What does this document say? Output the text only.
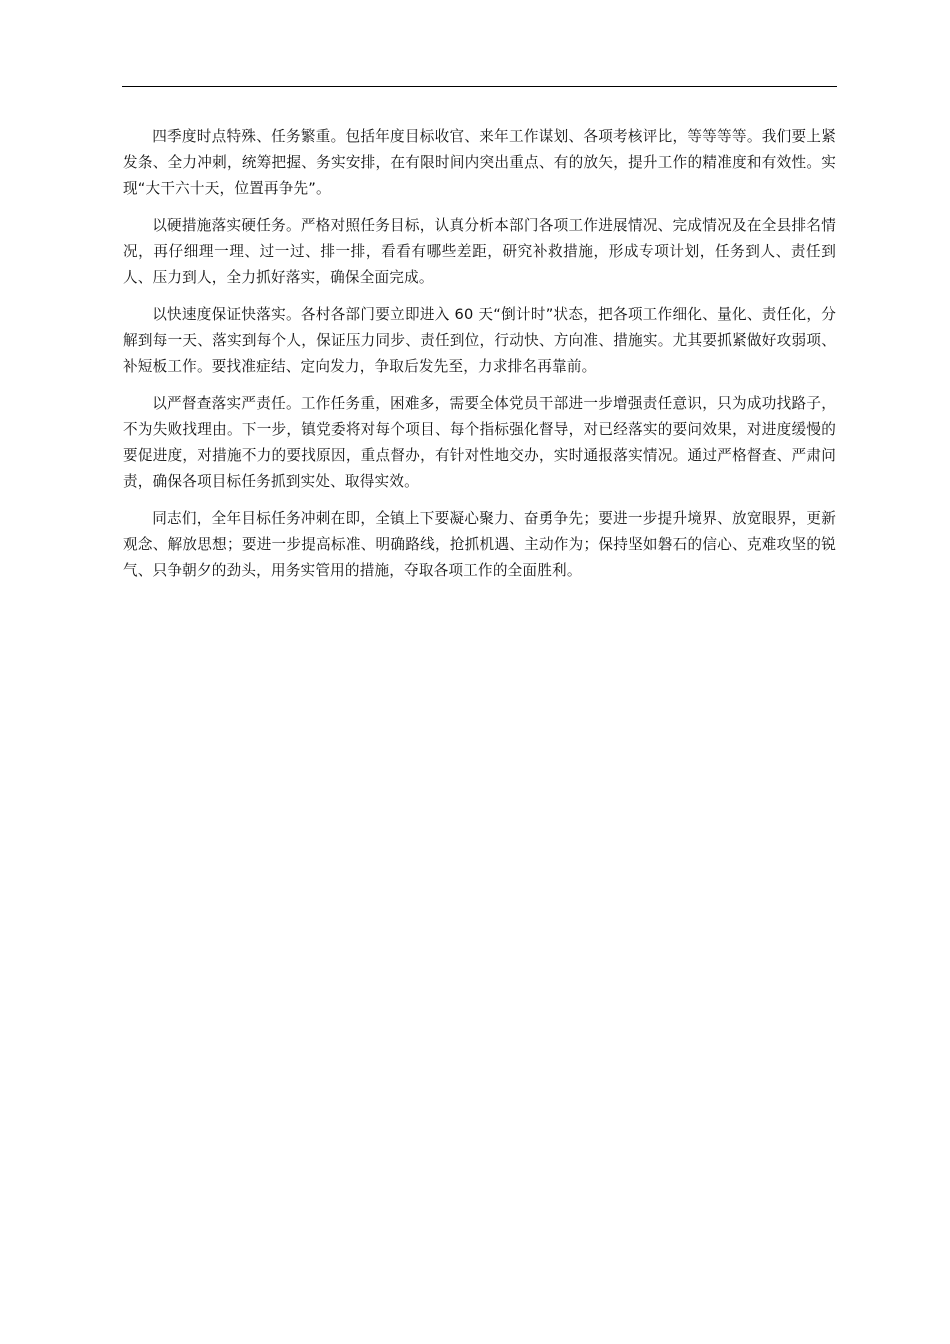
四季度时点特殊、任务繁重。包括年度目标收官、来年工作谋划、各项考核评比，等等等等。我们要上紧发条、全力冲刺，统筹把握、务实安排，在有限时间内突出重点、有的放矢，提升工作的精准度和有效性。实现“大干六十天，位置再争先”。

以硬措施落实硬任务。严格对照任务目标，认真分析本部门各项工作进展情况、完成情况及在全县排名情况，再仔细理一理、过一过、排一排，看看有哪些差距，研究补救措施，形成专项计划，任务到人、责任到人、压力到人，全力抓好落实，确保全面完成。

以快速度保证快落实。各村各部门要立即进入 60 天“倒计时”状态，把各项工作细化、量化、责任化，分解到每一天、落实到每个人，保证压力同步、责任到位，行动快、方向准、措施实。尤其要抓紧做好攻弱项、补短板工作。要找准症结、定向发力，争取后发先至，力求排名再靠前。

以严督查落实严责任。工作任务重，困难多，需要全体党员干部进一步增强责任意识，只为成功找路子，不为失败找理由。下一步，镇党委将对每个项目、每个指标强化督导，对已经落实的要问效果，对进度缓慢的要促进度，对措施不力的要找原因，重点督办，有针对性地交办，实时通报落实情况。通过严格督查、严肃问责，确保各项目标任务抓到实处、取得实效。

同志们，全年目标任务冲刺在即，全镇上下要凝心聚力、奋勇争先；要进一步提升境界、放宽眼界，更新观念、解放思想；要进一步提高标准、明确路线，抢抓机遇、主动作为；保持坚如磐石的信心、克难攻坚的锐气、只争朝夕的劲头，用务实管用的措施，夺取各项工作的全面胜利。
